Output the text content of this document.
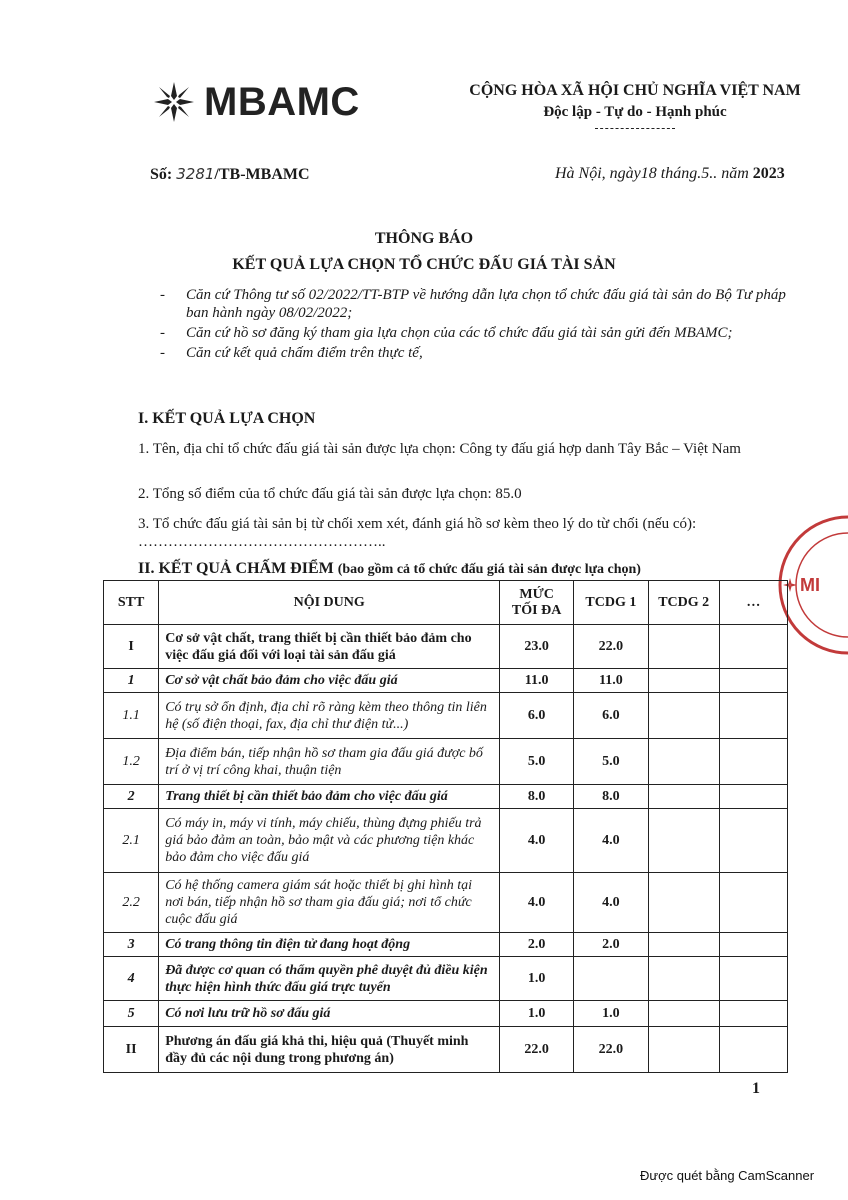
MBAMC	CỘNG HÒA XÃ HỘI CHỦ NGHĨA VIỆT NAM
Độc lập - Tự do - Hạnh phúc
Số: 3281/TB-MBAMC	Hà Nội, ngày18 tháng.5.. năm 2023
THÔNG BÁO
KẾT QUẢ LỰA CHỌN TỔ CHỨC ĐẤU GIÁ TÀI SẢN
- Căn cứ Thông tư số 02/2022/TT-BTP về hướng dẫn lựa chọn tổ chức đấu giá tài sản do Bộ Tư pháp ban hành ngày 08/02/2022;
- Căn cứ hồ sơ đăng ký tham gia lựa chọn của các tổ chức đấu giá tài sản gửi đến MBAMC;
- Căn cứ kết quả chấm điểm trên thực tế,
I. KẾT QUẢ LỰA CHỌN
1. Tên, địa chỉ tổ chức đấu giá tài sản được lựa chọn: Công ty đấu giá hợp danh Tây Bắc – Việt Nam
2. Tổng số điểm của tổ chức đấu giá tài sản được lựa chọn: 85.0
3. Tổ chức đấu giá tài sản bị từ chối xem xét, đánh giá hồ sơ kèm theo lý do từ chối (nếu có): …………………………………………..
II. KẾT QUẢ CHẤM ĐIỂM (bao gồm cả tổ chức đấu giá tài sản được lựa chọn)
MI
STT	NỘI DUNG	MỨC TỐI ĐA	TCDG 1	TCDG 2	…
I	Cơ sở vật chất, trang thiết bị cần thiết bảo đảm cho việc đấu giá đối với loại tài sản đấu giá	23.0	22.0		
1	Cơ sở vật chất bảo đảm cho việc đấu giá	11.0	11.0		
1.1	Có trụ sở ổn định, địa chỉ rõ ràng kèm theo thông tin liên hệ (số điện thoại, fax, địa chỉ thư điện tử...)	6.0	6.0		
1.2	Địa điểm bán, tiếp nhận hồ sơ tham gia đấu giá được bố trí ở vị trí công khai, thuận tiện	5.0	5.0		
2	Trang thiết bị cần thiết bảo đảm cho việc đấu giá	8.0	8.0		
2.1	Có máy in, máy vi tính, máy chiếu, thùng đựng phiếu trả giá bảo đảm an toàn, bảo mật và các phương tiện khác bảo đảm cho việc đấu giá	4.0	4.0		
2.2	Có hệ thống camera giám sát hoặc thiết bị ghi hình tại nơi bán, tiếp nhận hồ sơ tham gia đấu giá; nơi tổ chức cuộc đấu giá	4.0	4.0		
3	Có trang thông tin điện tử đang hoạt động	2.0	2.0		
4	Đã được cơ quan có thẩm quyền phê duyệt đủ điều kiện thực hiện hình thức đấu giá trực tuyến	1.0			
5	Có nơi lưu trữ hồ sơ đấu giá	1.0	1.0		
II	Phương án đấu giá khả thi, hiệu quả (Thuyết minh đầy đủ các nội dung trong phương án)	22.0	22.0		
1
Được quét bằng CamScanner
